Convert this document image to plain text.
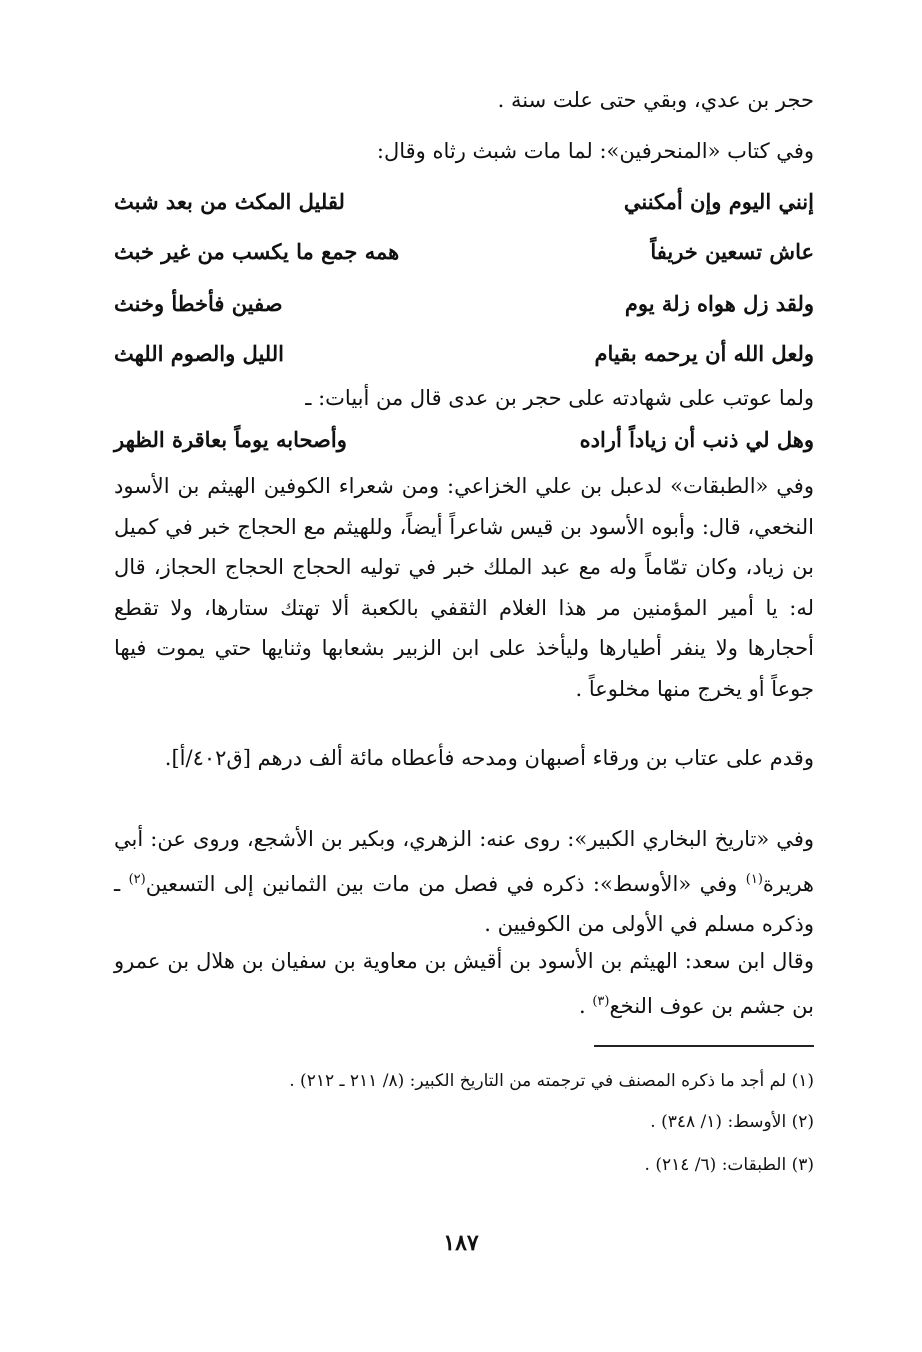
حجر بن عدي، وبقي حتى علت سنة .

وفي كتاب «المنحرفين»: لما مات شبث رثاه وقال:

إنني اليوم وإن أمكنني
لقليل المكث من بعد شبث
عاش تسعين خريفاً
همه جمع ما يكسب من غير خبث
ولقد زل هواه زلة يوم
صفين فأخطأ وخنث
ولعل الله أن يرحمه بقيام
الليل والصوم اللهث

ولما عوتب على شهادته على حجر بن عدى قال من أبيات: ـ

وهل لي ذنب أن زياداً أراده
وأصحابه يوماً بعاقرة الظهر

وفي «الطبقات» لدعبل بن علي الخزاعي: ومن شعراء الكوفين الهيثم بن الأسود النخعي، قال: وأبوه الأسود بن قيس شاعراً أيضاً، وللهيثم مع الحجاج خبر في كميل بن زياد، وكان تمّاماً وله مع عبد الملك خبر في توليه الحجاج الحجاج الحجاز، قال له: يا أمير المؤمنين مر هذا الغلام الثقفي بالكعبة ألا تهتك ستارها، ولا تقطع أحجارها ولا ينفر أطيارها وليأخذ على ابن الزبير بشعابها وثنايها حتي يموت فيها جوعاً أو يخرج منها مخلوعاً .

وقدم على عتاب بن ورقاء أصبهان ومدحه فأعطاه مائة ألف درهم [ق٤٠٢/أ].

وفي «تاريخ البخاري الكبير»: روى عنه: الزهري، وبكير بن الأشجع، وروى عن: أبي هريرة$^{(١)}$ وفي «الأوسط»: ذكره في فصل من مات بين الثمانين إلى التسعين$^{(٢)}$ ـ وذكره مسلم في الأولى من الكوفيين .

وقال ابن سعد: الهيثم بن الأسود بن أقيش بن معاوية بن سفيان بن هلال بن عمرو بن جشم بن عوف النخع$^{(٣)}$ .

(١) لم أجد ما ذكره المصنف في ترجمته من التاريخ الكبير: (٨/ ٢١١ ـ ٢١٢) .

(٢) الأوسط: (١/ ٣٤٨) .

(٣) الطبقات: (٦/ ٢١٤) .

١٨٧
